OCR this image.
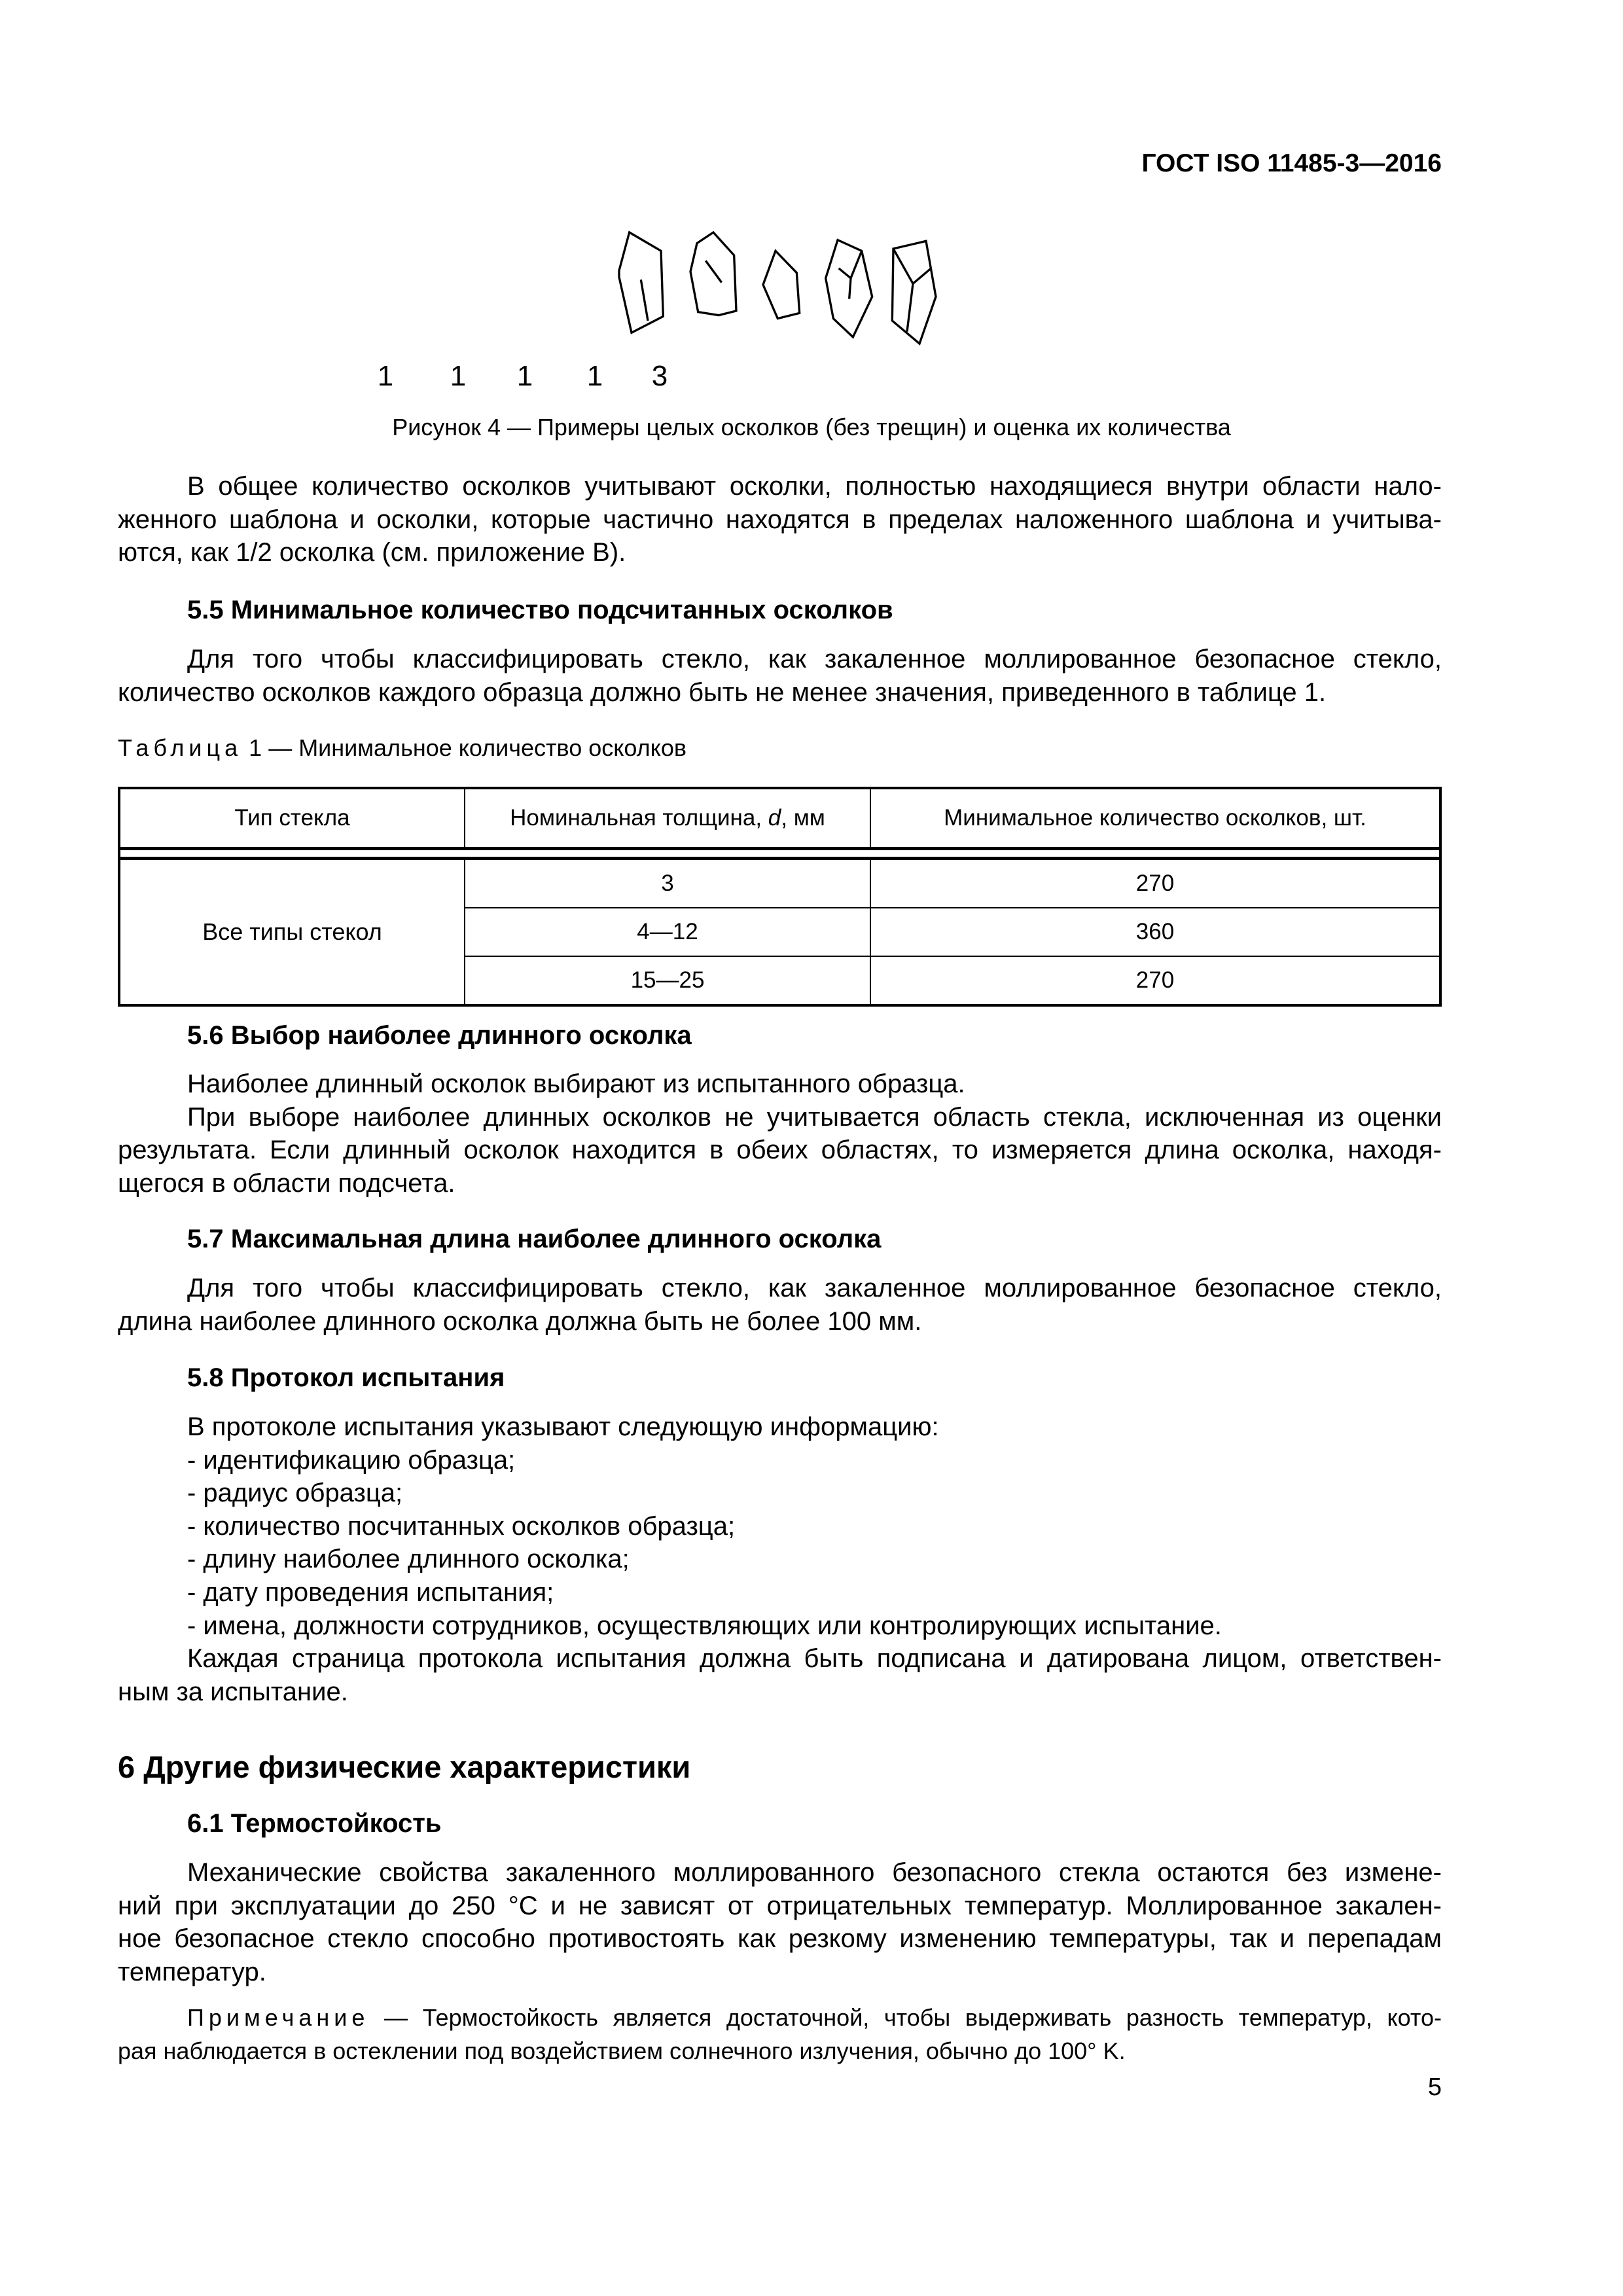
ГОСТ ISO 11485-3—2016
1 1 1 1 3
Рисунок 4 — Примеры целых осколков (без трещин) и оценка их количества
В общее количество осколков учитывают осколки, полностью находящиеся внутри области нало-
женного шаблона и осколки, которые частично находятся в пределах наложенного шаблона и учитыва-
ются, как 1/2 осколка (см. приложение В).
5.5 Минимальное количество подсчитанных осколков
Для того чтобы классифицировать стекло, как закаленное моллированное безопасное стекло,
количество осколков каждого образца должно быть не менее значения, приведенного в таблице 1.
Таблица 1 — Минимальное количество осколков
Тип стекла	Номинальная толщина, d, мм	Минимальное количество осколков, шт.

Все типы стекол	3	270
	4—12	360
	15—25	270
5.6 Выбор наиболее длинного осколка
Наиболее длинный осколок выбирают из испытанного образца.
При выборе наиболее длинных осколков не учитывается область стекла, исключенная из оценки
результата. Если длинный осколок находится в обеих областях, то измеряется длина осколка, находя-
щегося в области подсчета.
5.7 Максимальная длина наиболее длинного осколка
Для того чтобы классифицировать стекло, как закаленное моллированное безопасное стекло,
длина наиболее длинного осколка должна быть не более 100 мм.
5.8 Протокол испытания
В протоколе испытания указывают следующую информацию:
- идентификацию образца;
- радиус образца;
- количество посчитанных осколков образца;
- длину наиболее длинного осколка;
- дату проведения испытания;
- имена, должности сотрудников, осуществляющих или контролирующих испытание.
Каждая страница протокола испытания должна быть подписана и датирована лицом, ответствен-
ным за испытание.
6 Другие физические характеристики
6.1 Термостойкость
Механические свойства закаленного моллированного безопасного стекла остаются без измене-
ний при эксплуатации до 250 °С и не зависят от отрицательных температур. Моллированное закален-
ное безопасное стекло способно противостоять как резкому изменению температуры, так и перепадам
температур.
Примечание — Термостойкость является достаточной, чтобы выдерживать разность температур, кото-
рая наблюдается в остеклении под воздействием солнечного излучения, обычно до 100° K.
5
